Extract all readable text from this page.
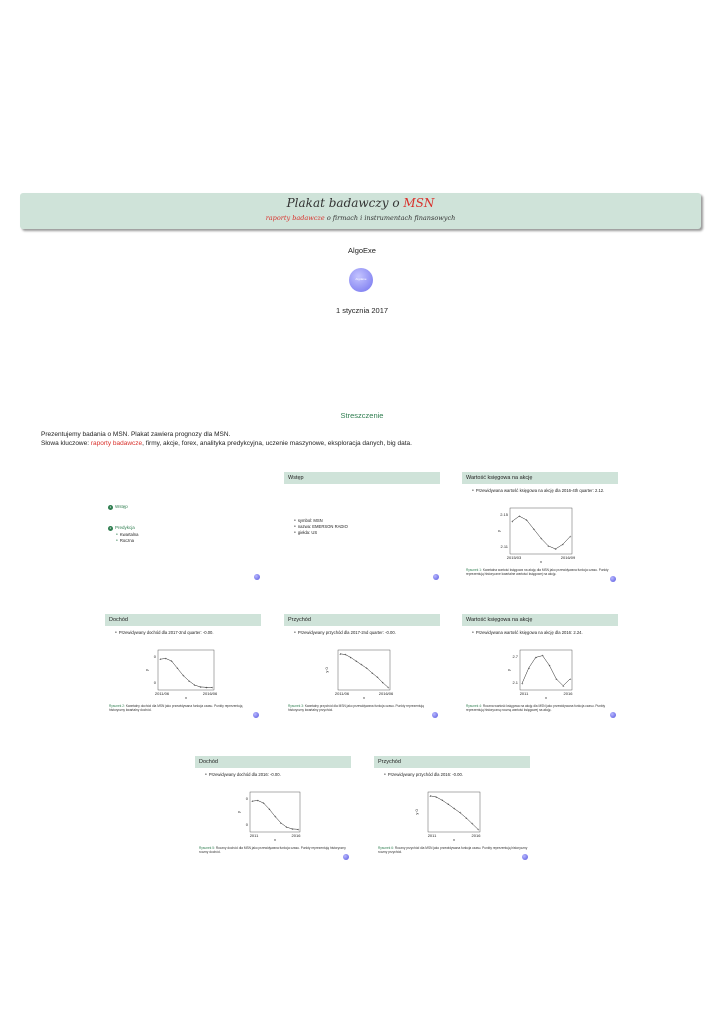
Plakat badawczy o MSN
raporty badawcze o firmach i instrumentach finansowych
AlgoExe
AlgoExe
1 stycznia 2017
Streszczenie
Prezentujemy badania o MSN. Plakat zawiera prognozy dla MSN.
Słowa kluczowe: raporty badawcze, firmy, akcje, forex, analityka predykcyjna, uczenie maszynowe, eksploracja danych, big data.
1 Wstęp
2 Predykcja
● Kwartalna
● Roczna
Wstęp
● symbol: MSN
● nazwa: EMERSON RADIO
● giełda: US
Wartość księgowa na akcję
● Przewidywana wartość księgowa na akcję dla 2016-4th quarter: 2.12.
+
+
+
+
+
+
+
+
+
2.15
2.11
y
2015/03	2016/09
x
Rysunek 1: Kwartalna wartość księgowa na akcję dla MSN jako przewidywana funkcja czasu. Punkty reprezentują historyczne kwartalne wartości księgowej na akcję.
Dochód
● Przewidywany dochód dla 2017-2nd quarter: -0.00.
+ +
+
+
+
+
+ + + +
0
0
y
2011/06	2016/06
x
Rysunek 2: Kwartalny dochód dla MSN jako przewidywana funkcja czasu. Punkty reprezentują historyczny kwartalny dochód.
Przychód
● Przewidywany przychód dla 2017-2nd quarter: -0.00.
+ +
+
+
+
+
+
+
+
+
y 0
2011/06	2016/06
x
Rysunek 3: Kwartalny przychód dla MSN jako przewidywana funkcja czasu. Punkty reprezentują historyczny kwartalny przychód.
Wartość księgowa na akcję
● Przewidywana wartość księgowa na akcję dla 2016: 2.24.
+
+
+ +
+
+
+
+
2.7
2.1
y
2011	2016
x
Rysunek 4: Roczna wartość księgowa na akcję dla MSN jako przewidywana funkcja czasu. Punkty reprezentują historyczną roczną wartość księgowej na akcję.
Dochód
● Przewidywany dochód dla 2016: -0.00.
+ +
+
+
+
+
+ + +
0
0
y
2011	2016
x
Rysunek 5: Roczny dochód dla MSN jako przewidywana funkcja czasu. Punkty reprezentują historyczny roczny dochód.
Przychód
● Przewidywany przychód dla 2016: -0.00.
+ +
+
+
+
+
+
+
+
y 0
2011	2016
x
Rysunek 6: Roczny przychód dla MSN jako przewidywana funkcja czasu. Punkty reprezentują historyczny roczny przychód.
